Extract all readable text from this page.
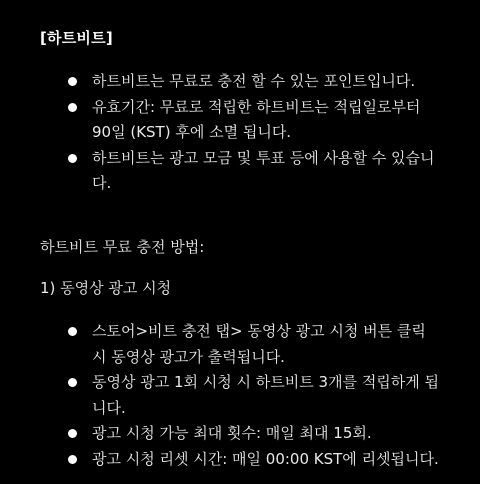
[하트비트]
하트비트는 무료로 충전 할 수 있는 포인트입니다.
유효기간: 무료로 적립한 하트비트는 적립일로부터 90일 (KST) 후에 소멸 됩니다.
하트비트는 광고 모금 및 투표 등에 사용할 수 있습니다.
하트비트 무료 충전 방법:
1) 동영상 광고 시청
스토어>비트 충전 탭> 동영상 광고 시청 버튼 클릭 시 동영상 광고가 출력됩니다.
동영상 광고 1회 시청 시 하트비트 3개를 적립하게 됩니다.
광고 시청 가능 최대 횟수: 매일 최대 15회.
광고 시청 리셋 시간: 매일 00:00 KST에 리셋됩니다.
